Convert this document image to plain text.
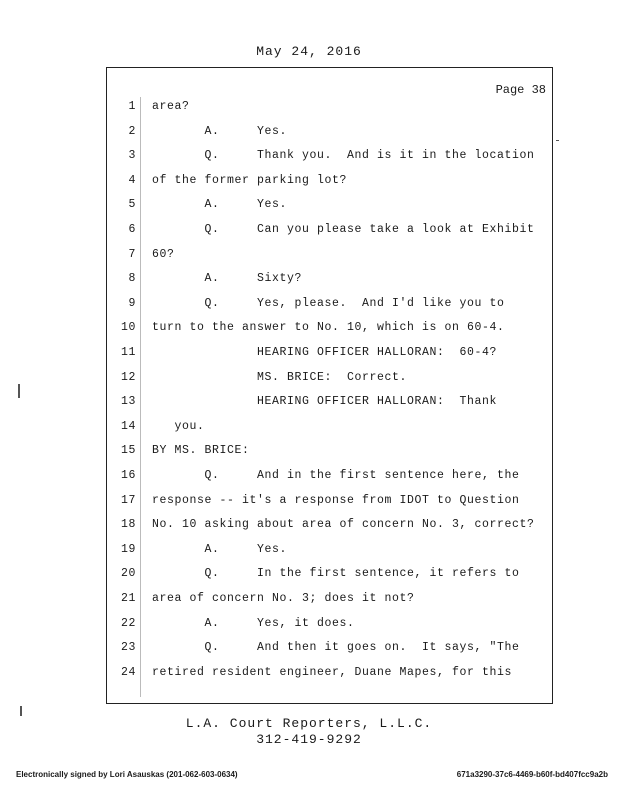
May 24, 2016
Page 38
1 area?
2 A.     Yes.
3 Q.     Thank you.  And is it in the location
4 of the former parking lot?
5 A.     Yes.
6 Q.     Can you please take a look at Exhibit
7 60?
8 A.     Sixty?
9 Q.     Yes, please.  And I'd like you to
10 turn to the answer to No. 10, which is on 60-4.
11 HEARING OFFICER HALLORAN:  60-4?
12 MS. BRICE:  Correct.
13 HEARING OFFICER HALLORAN:  Thank
14 you.
15 BY MS. BRICE:
16 Q.     And in the first sentence here, the
17 response -- it's a response from IDOT to Question
18 No. 10 asking about area of concern No. 3, correct?
19 A.     Yes.
20 Q.     In the first sentence, it refers to
21 area of concern No. 3; does it not?
22 A.     Yes, it does.
23 Q.     And then it goes on.  It says, "The
24 retired resident engineer, Duane Mapes, for this
L.A. Court Reporters, L.L.C.
312-419-9292
Electronically signed by Lori Asauskas (201-062-603-0634)	671a3290-37c6-4469-b60f-bd407fcc9a2b
